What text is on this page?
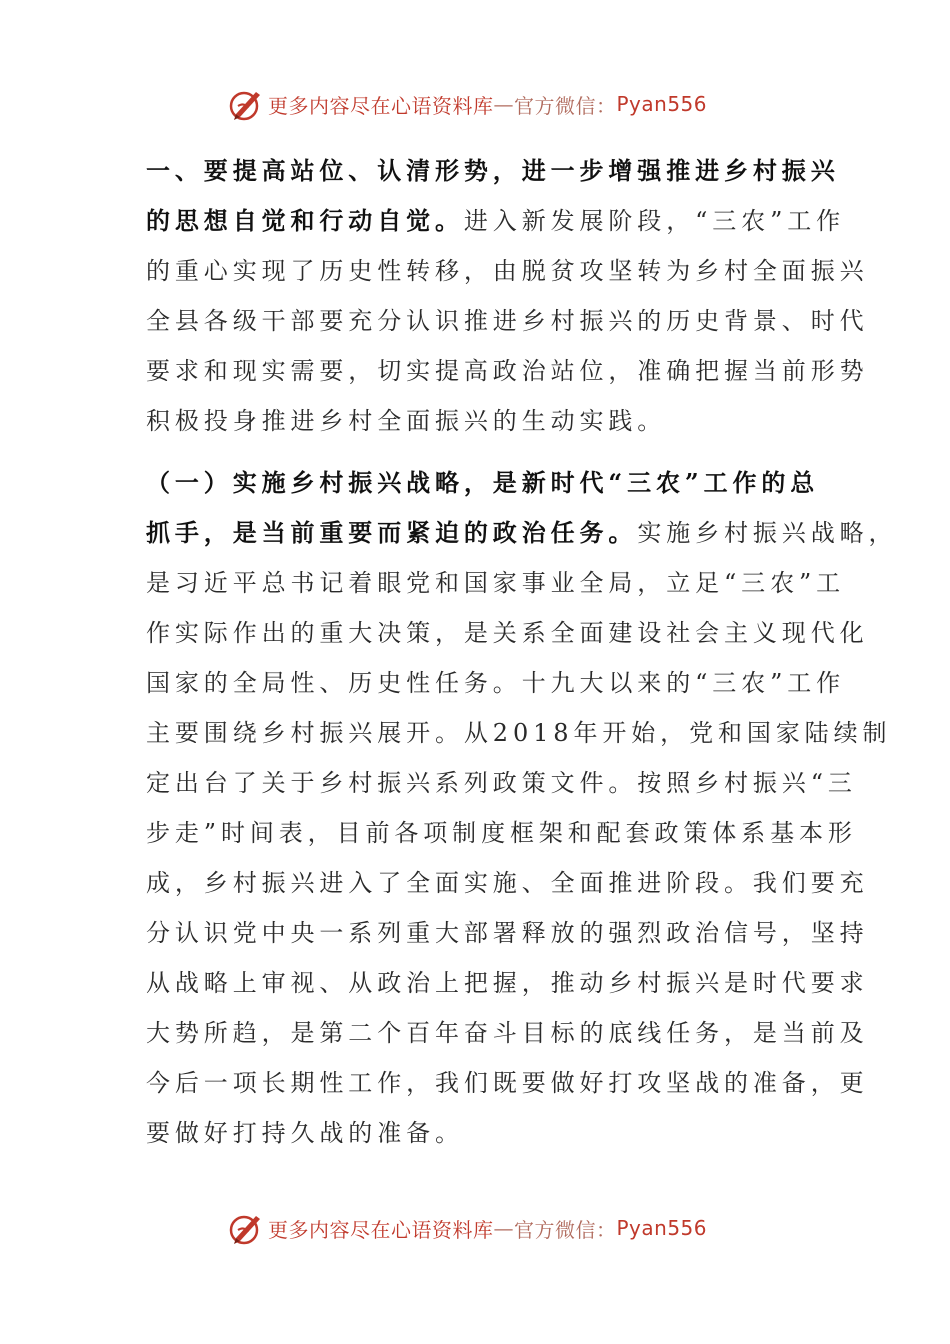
更多内容尽在心语资料库 — 官方微信： Pyan556
一、要提高站位、认清形势，进一步增强推进乡村振兴
的思想自觉和行动自觉。进入新发展阶段，“三农”工作
的重心实现了历史性转移，由脱贫攻坚转为乡村全面振兴
全县各级干部要充分认识推进乡村振兴的历史背景、时代
要求和现实需要，切实提高政治站位，准确把握当前形势
积极投身推进乡村全面振兴的生动实践。
（一）实施乡村振兴战略，是新时代“三农”工作的总
抓手，是当前重要而紧迫的政治任务。实施乡村振兴战略，
是习近平总书记着眼党和国家事业全局，立足“三农”工
作实际作出的重大决策，是关系全面建设社会主义现代化
国家的全局性、历史性任务。十九大以来的“三农”工作
主要围绕乡村振兴展开。从2018年开始，党和国家陆续制
定出台了关于乡村振兴系列政策文件。按照乡村振兴“三
步走”时间表，目前各项制度框架和配套政策体系基本形
成，乡村振兴进入了全面实施、全面推进阶段。我们要充
分认识党中央一系列重大部署释放的强烈政治信号，坚持
从战略上审视、从政治上把握，推动乡村振兴是时代要求
大势所趋，是第二个百年奋斗目标的底线任务，是当前及
今后一项长期性工作，我们既要做好打攻坚战的准备，更
要做好打持久战的准备。
更多内容尽在心语资料库 — 官方微信： Pyan556
